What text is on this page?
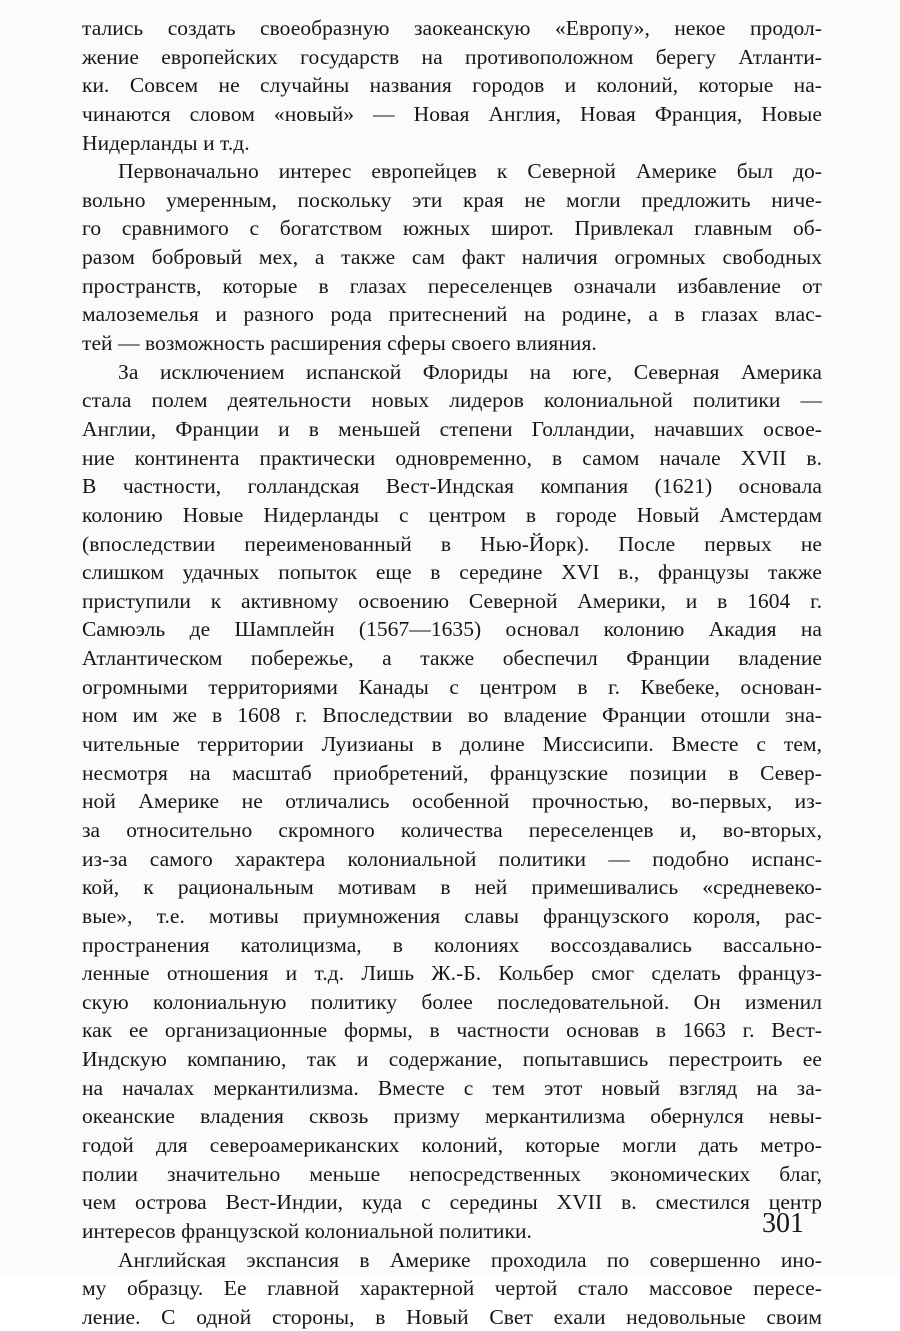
тались создать своеобразную заокеанскую «Европу», некое продол-
жение европейских государств на противоположном берегу Атланти-
ки. Совсем не случайны названия городов и колоний, которые на-
чинаются словом «новый» — Новая Англия, Новая Франция, Новые
Нидерланды и т.д.
Первоначально интерес европейцев к Северной Америке был до-
вольно умеренным, поскольку эти края не могли предложить ниче-
го сравнимого с богатством южных широт. Привлекал главным об-
разом бобровый мех, а также сам факт наличия огромных свободных
пространств, которые в глазах переселенцев означали избавление от
малоземелья и разного рода притеснений на родине, а в глазах влас-
тей — возможность расширения сферы своего влияния.
За исключением испанской Флориды на юге, Северная Америка
стала полем деятельности новых лидеров колониальной политики —
Англии, Франции и в меньшей степени Голландии, начавших освое-
ние континента практически одновременно, в самом начале XVII в.
В частности, голландская Вест-Индская компания (1621) основала
колонию Новые Нидерланды с центром в городе Новый Амстердам
(впоследствии переименованный в Нью-Йорк). После первых не
слишком удачных попыток еще в середине XVI в., французы также
приступили к активному освоению Северной Америки, и в 1604 г.
Самюэль де Шамплейн (1567—1635) основал колонию Акадия на
Атлантическом побережье, а также обеспечил Франции владение
огромными территориями Канады с центром в г. Квебеке, основан-
ном им же в 1608 г. Впоследствии во владение Франции отошли зна-
чительные территории Луизианы в долине Миссисипи. Вместе с тем,
несмотря на масштаб приобретений, французские позиции в Север-
ной Америке не отличались особенной прочностью, во-первых, из-
за относительно скромного количества переселенцев и, во-вторых,
из-за самого характера колониальной политики — подобно испанс-
кой, к рациональным мотивам в ней примешивались «средневеко-
вые», т.е. мотивы приумножения славы французского короля, рас-
пространения католицизма, в колониях воссоздавались вассально-
ленные отношения и т.д. Лишь Ж.-Б. Кольбер смог сделать француз-
скую колониальную политику более последовательной. Он изменил
как ее организационные формы, в частности основав в 1663 г. Вест-
Индскую компанию, так и содержание, попытавшись перестроить ее
на началах меркантилизма. Вместе с тем этот новый взгляд на за-
океанские владения сквозь призму меркантилизма обернулся невы-
годой для североамериканских колоний, которые могли дать метро-
полии значительно меньше непосредственных экономических благ,
чем острова Вест-Индии, куда с середины XVII в. сместился центр
интересов французской колониальной политики.
Английская экспансия в Америке проходила по совершенно ино-
му образцу. Ее главной характерной чертой стало массовое пересе-
ление. С одной стороны, в Новый Свет ехали недовольные своим
301
